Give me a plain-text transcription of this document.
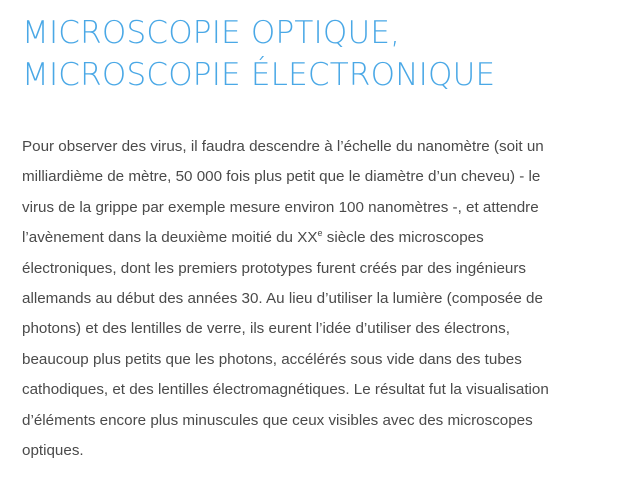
MICROSCOPIE OPTIQUE,
MICROSCOPIE ÉLECTRONIQUE

Pour observer des virus, il faudra descendre à l’échelle du nanomètre (soit un
milliardième de mètre, 50 000 fois plus petit que le diamètre d’un cheveu) - le
virus de la grippe par exemple mesure environ 100 nanomètres -, et attendre
l’avènement dans la deuxième moitié du XXe siècle des microscopes
électroniques, dont les premiers prototypes furent créés par des ingénieurs
allemands au début des années 30. Au lieu d’utiliser la lumière (composée de
photons) et des lentilles de verre, ils eurent l’idée d’utiliser des électrons,
beaucoup plus petits que les photons, accélérés sous vide dans des tubes
cathodiques, et des lentilles électromagnétiques. Le résultat fut la visualisation
d’éléments encore plus minuscules que ceux visibles avec des microscopes
optiques.
